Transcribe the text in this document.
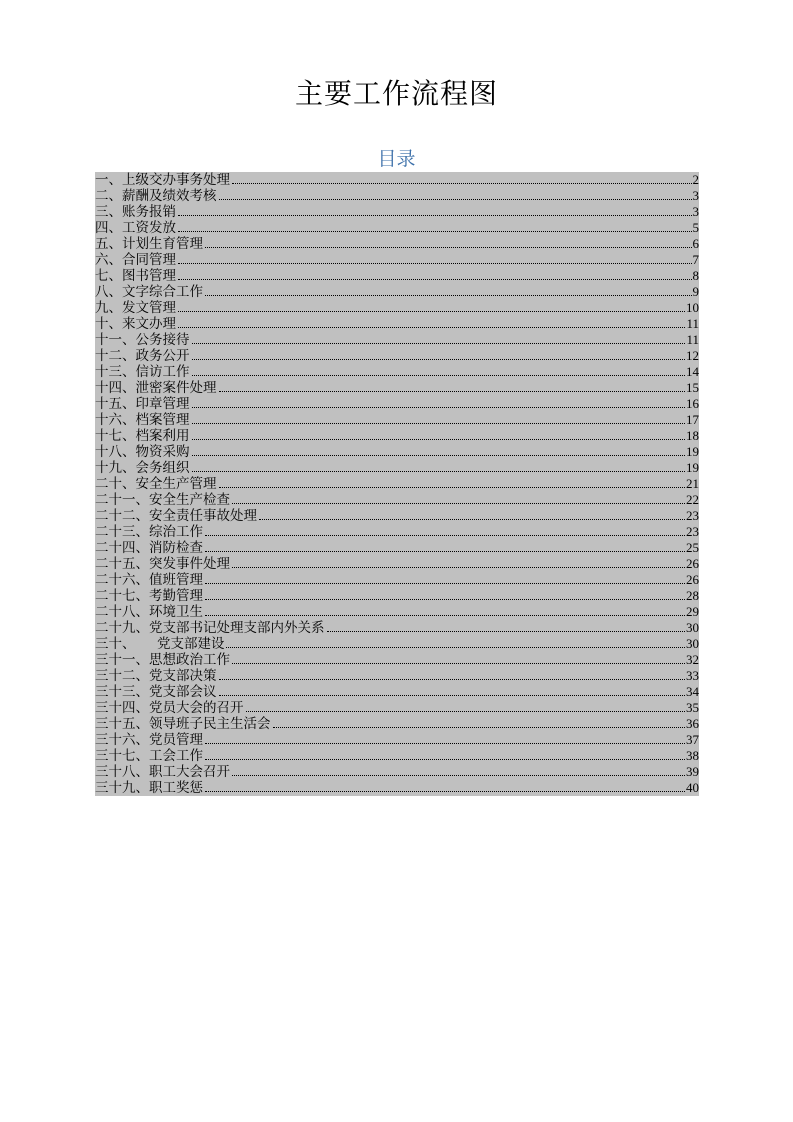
主要工作流程图
目录
一、上级交办事务处理	2
二、薪酬及绩效考核	3
三、账务报销	3
四、工资发放	5
五、计划生育管理	6
六、合同管理	7
七、图书管理	8
八、文字综合工作	9
九、发文管理	10
十、来文办理	11
十一、公务接待	11
十二、政务公开	12
十三、信访工作	14
十四、泄密案件处理	15
十五、印章管理	16
十六、档案管理	17
十七、档案利用	18
十八、物资采购	19
十九、会务组织	19
二十、安全生产管理	21
二十一、安全生产检查	22
二十二、安全责任事故处理	23
二十三、综治工作	23
二十四、消防检查	25
二十五、突发事件处理	26
二十六、值班管理	26
二十七、考勤管理	28
二十八、环境卫生	29
二十九、党支部书记处理支部内外关系	30
三十、     党支部建设	30
三十一、思想政治工作	32
三十二、党支部决策	33
三十三、党支部会议	34
三十四、党员大会的召开	35
三十五、领导班子民主生活会	36
三十六、党员管理	37
三十七、工会工作	38
三十八、职工大会召开	39
三十九、职工奖惩	40
